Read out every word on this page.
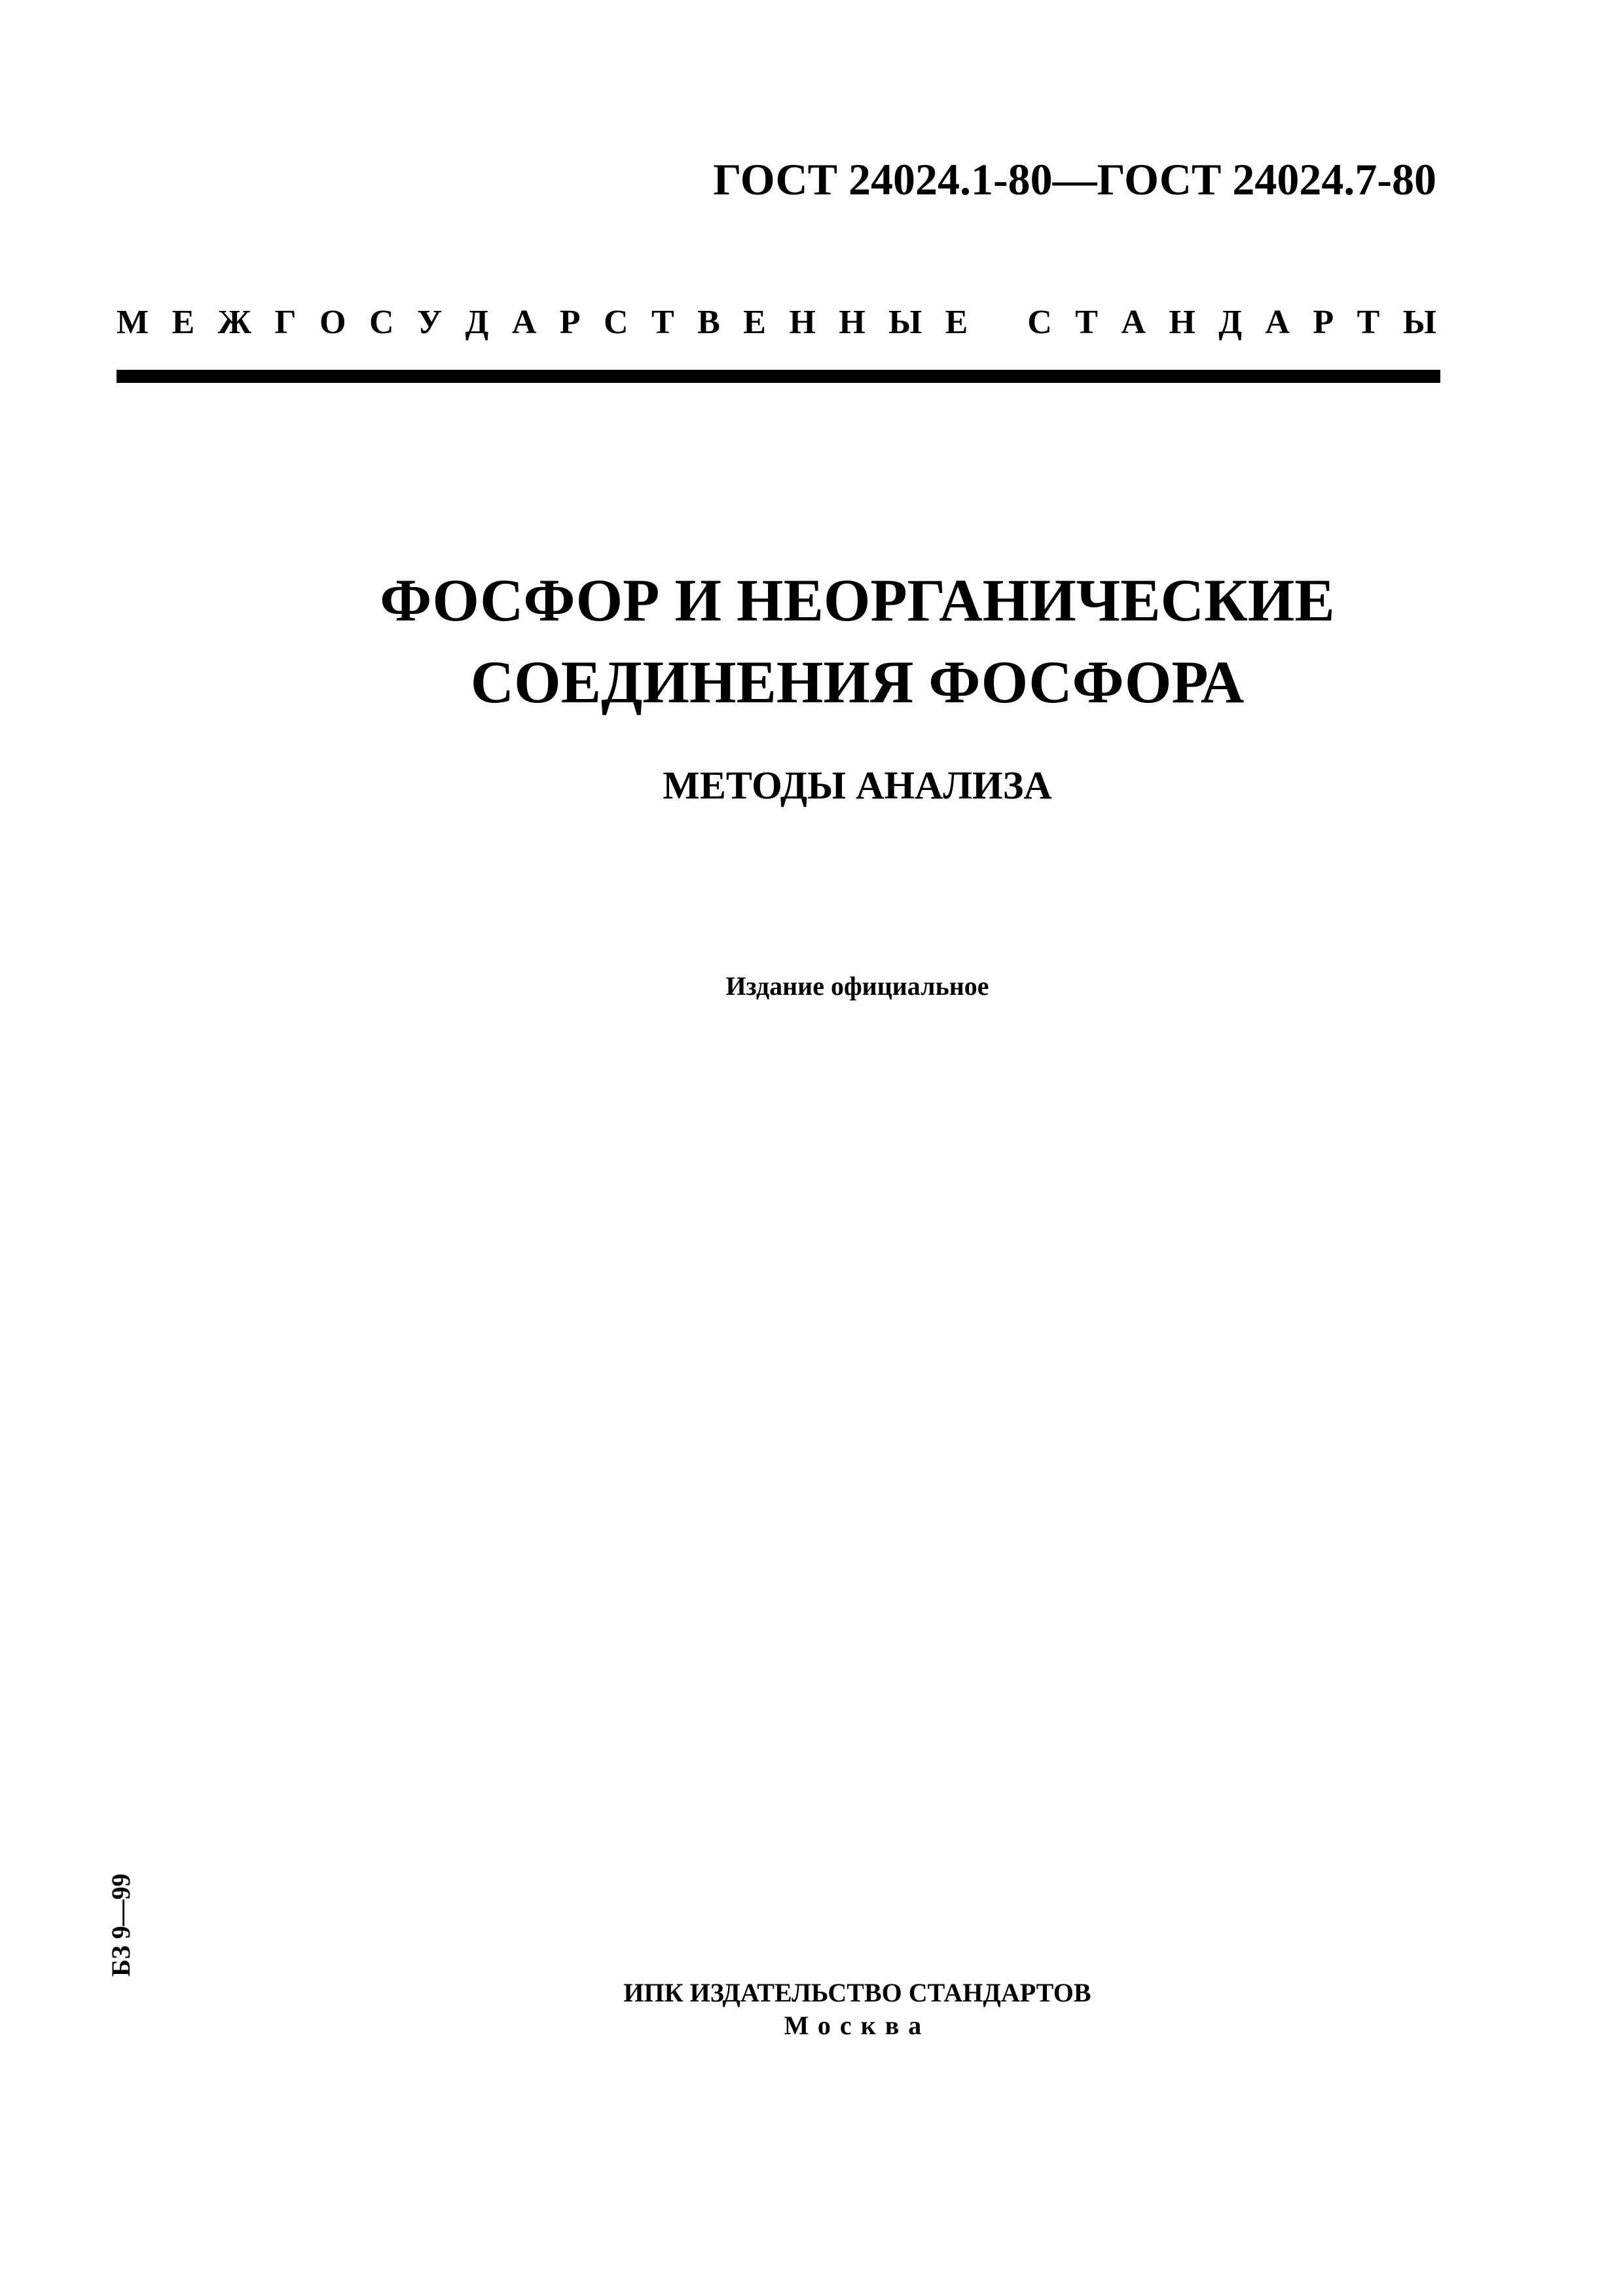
ГОСТ 24024.1-80—ГОСТ 24024.7-80
М Е Ж Г О С У Д А Р С Т В Е Н Н Ы Е С Т А Н Д А Р Т Ы
ФОСФОР И НЕОРГАНИЧЕСКИЕ
СОЕДИНЕНИЯ ФОСФОРА
МЕТОДЫ АНАЛИЗА
Издание официальное
БЗ 9—99
ИПК ИЗДАТЕЛЬСТВО СТАНДАРТОВ
Москва
